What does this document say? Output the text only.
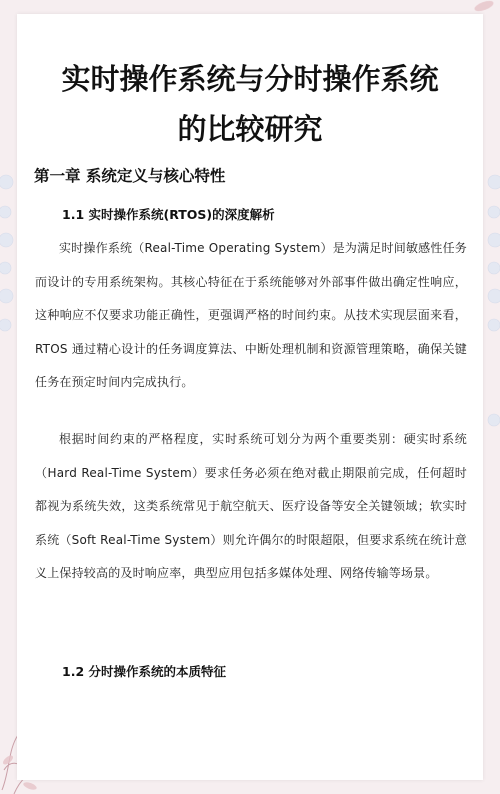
实时操作系统与分时操作系统
的比较研究
第一章 系统定义与核心特性
1.1 实时操作系统(RTOS)的深度解析

实时操作系统（Real-Time Operating System）是为满足时间敏感性任务而设计的专用系统架构。其核心特征在于系统能够对外部事件做出确定性响应，这种响应不仅要求功能正确性，更强调严格的时间约束。从技术实现层面来看，RTOS 通过精心设计的任务调度算法、中断处理机制和资源管理策略，确保关键任务在预定时间内完成执行。

根据时间约束的严格程度，实时系统可划分为两个重要类别：硬实时系统（Hard Real-Time System）要求任务必须在绝对截止期限前完成，任何超时都视为系统失效，这类系统常见于航空航天、医疗设备等安全关键领域；软实时系统（Soft Real-Time System）则允许偶尔的时限超限，但要求系统在统计意义上保持较高的及时响应率，典型应用包括多媒体处理、网络传输等场景。

1.2 分时操作系统的本质特征
